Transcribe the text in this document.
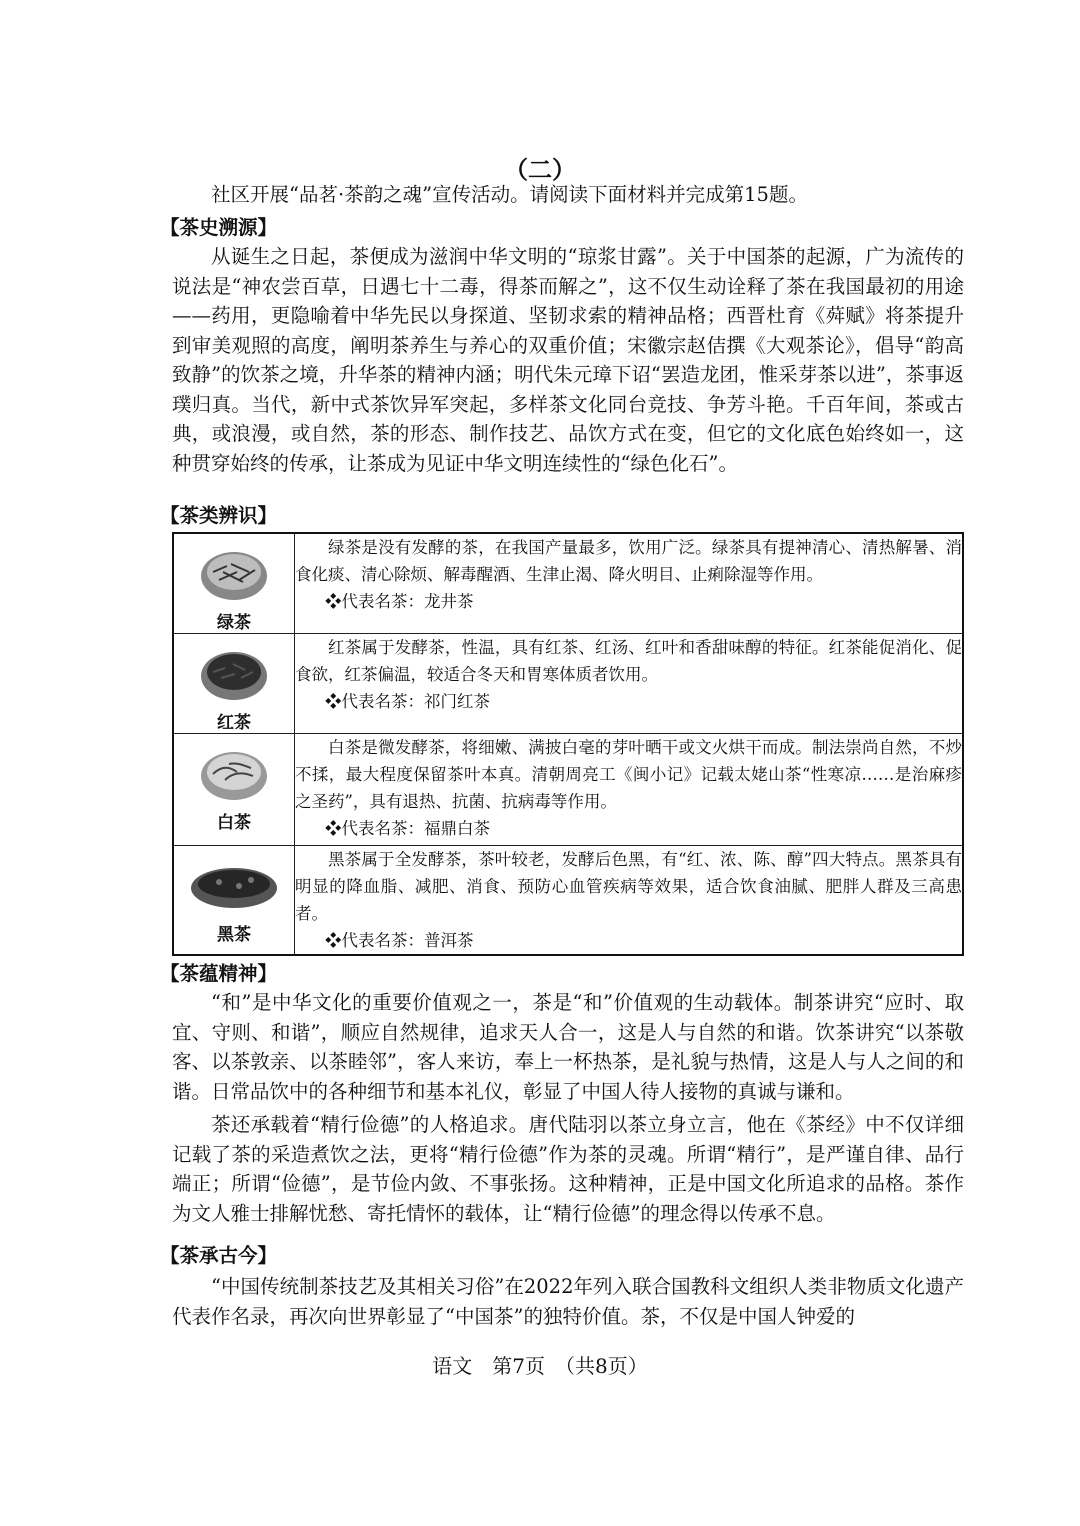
（二）

社区开展“品茗·茶韵之魂”宣传活动。请阅读下面材料并完成第15题。

【茶史溯源】

从诞生之日起，茶便成为滋润中华文明的“琼浆甘露”。关于中国茶的起源，广为流传的说法是“神农尝百草，日遇七十二毒，得茶而解之”，这不仅生动诠释了茶在我国最初的用途——药用，更隐喻着中华先民以身探道、坚韧求索的精神品格；西晋杜育《荈赋》将茶提升到审美观照的高度，阐明茶养生与养心的双重价值；宋徽宗赵佶撰《大观茶论》，倡导“韵高致静”的饮茶之境，升华茶的精神内涵；明代朱元璋下诏“罢造龙团，惟采芽茶以进”，茶事返璞归真。当代，新中式茶饮异军突起，多样茶文化同台竞技、争芳斗艳。千百年间，茶或古典，或浪漫，或自然，茶的形态、制作技艺、品饮方式在变，但它的文化底色始终如一，这种贯穿始终的传承，让茶成为见证中华文明连续性的“绿色化石”。

【茶类辨识】
绿茶	绿茶是没有发酵的茶，在我国产量最多，饮用广泛。绿茶具有提神清心、清热解暑、消食化痰、清心除烦、解毒醒酒、生津止渴、降火明目、止痢除湿等作用。

❖代表名茶：龙井茶

红茶	红茶属于发酵茶，性温，具有红茶、红汤、红叶和香甜味醇的特征。红茶能促消化、促食欲，红茶偏温，较适合冬天和胃寒体质者饮用。

❖代表名茶：祁门红茶

白茶	白茶是微发酵茶，将细嫩、满披白毫的芽叶晒干或文火烘干而成。制法崇尚自然，不炒不揉，最大程度保留茶叶本真。清朝周亮工《闽小记》记载太姥山茶“性寒凉……是治麻疹之圣药”，具有退热、抗菌、抗病毒等作用。

❖代表名茶：福鼎白茶

黑茶	黑茶属于全发酵茶，茶叶较老，发酵后色黑，有“红、浓、陈、醇”四大特点。黑茶具有明显的降血脂、减肥、消食、预防心血管疾病等效果，适合饮食油腻、肥胖人群及三高患者。

❖代表名茶：普洱茶
【茶蕴精神】

“和”是中华文化的重要价值观之一，茶是“和”价值观的生动载体。制茶讲究“应时、取宜、守则、和谐”，顺应自然规律，追求天人合一，这是人与自然的和谐。饮茶讲究“以茶敬客、以茶敦亲、以茶睦邻”，客人来访，奉上一杯热茶，是礼貌与热情，这是人与人之间的和谐。日常品饮中的各种细节和基本礼仪，彰显了中国人待人接物的真诚与谦和。

茶还承载着“精行俭德”的人格追求。唐代陆羽以茶立身立言，他在《茶经》中不仅详细记载了茶的采造煮饮之法，更将“精行俭德”作为茶的灵魂。所谓“精行”，是严谨自律、品行端正；所谓“俭德”，是节俭内敛、不事张扬。这种精神，正是中国文化所追求的品格。茶作为文人雅士排解忧愁、寄托情怀的载体，让“精行俭德”的理念得以传承不息。

【茶承古今】

“中国传统制茶技艺及其相关习俗”在2022年列入联合国教科文组织人类非物质文化遗产代表作名录，再次向世界彰显了“中国茶”的独特价值。茶，不仅是中国人钟爱的

语文　第7页　（共8页）
